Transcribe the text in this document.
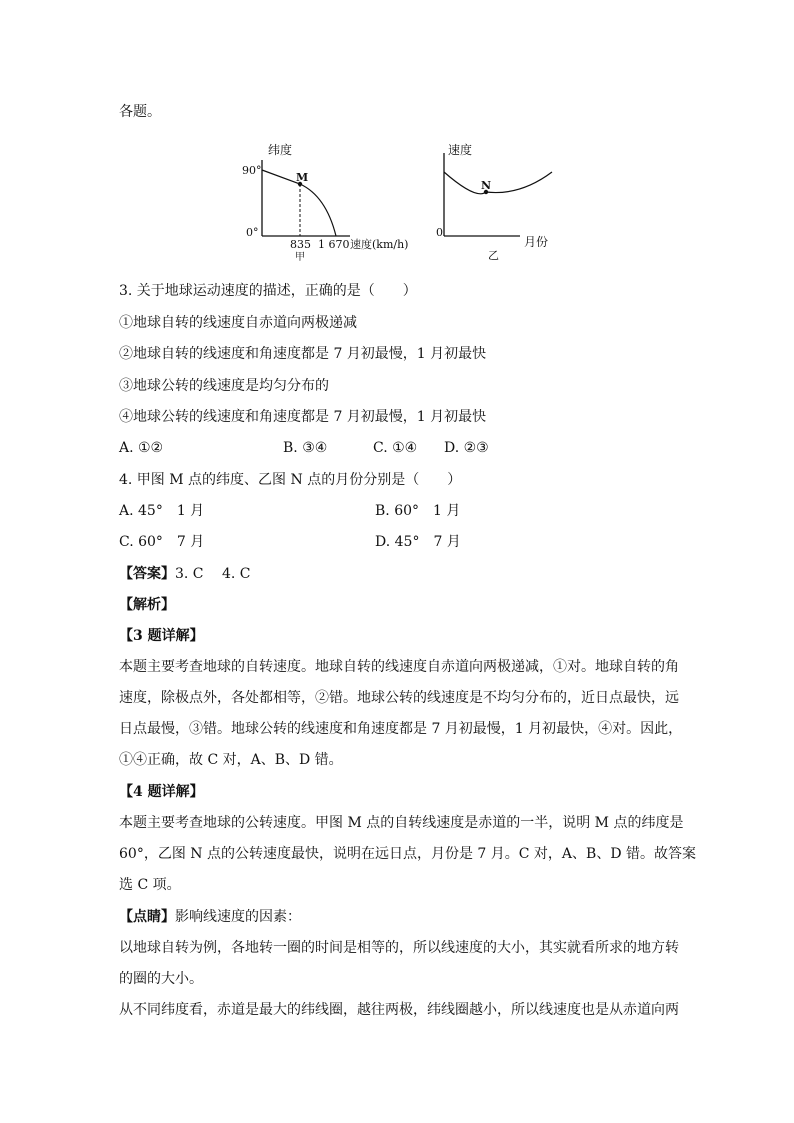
各题。
纬度
90°
0°
M
835 1 670 速度(km/h)
甲
速度
0
N
乙
月份
3. 关于地球运动速度的描述，正确的是（　　）
①地球自转的线速度自赤道向两极递减
②地球自转的线速度和角速度都是 7 月初最慢，1 月初最快
③地球公转的线速度是均匀分布的
④地球公转的线速度和角速度都是 7 月初最慢，1 月初最快
A. ①②	B. ③④	C. ①④ D. ②③
4. 甲图 M 点的纬度、乙图 N 点的月份分别是（　　）
A. 45°　1 月	B. 60°　1 月
C. 60°　7 月	D. 45°　7 月
【答案】3. C　 4. C
【解析】
【3 题详解】
本题主要考查地球的自转速度。地球自转的线速度自赤道向两极递减，①对。地球自转的角
速度，除极点外，各处都相等，②错。地球公转的线速度是不均匀分布的，近日点最快，远
日点最慢，③错。地球公转的线速度和角速度都是 7 月初最慢，1 月初最快，④对。因此，
①④正确，故 C 对，A、B、D 错。
【4 题详解】
本题主要考查地球的公转速度。甲图 M 点的自转线速度是赤道的一半，说明 M 点的纬度是
60°，乙图 N 点的公转速度最快，说明在远日点，月份是 7 月。C 对，A、B、D 错。故答案
选 C 项。
【点睛】影响线速度的因素：
以地球自转为例，各地转一圈的时间是相等的，所以线速度的大小，其实就看所求的地方转
的圈的大小。
从不同纬度看，赤道是最大的纬线圈，越往两极，纬线圈越小，所以线速度也是从赤道向两
